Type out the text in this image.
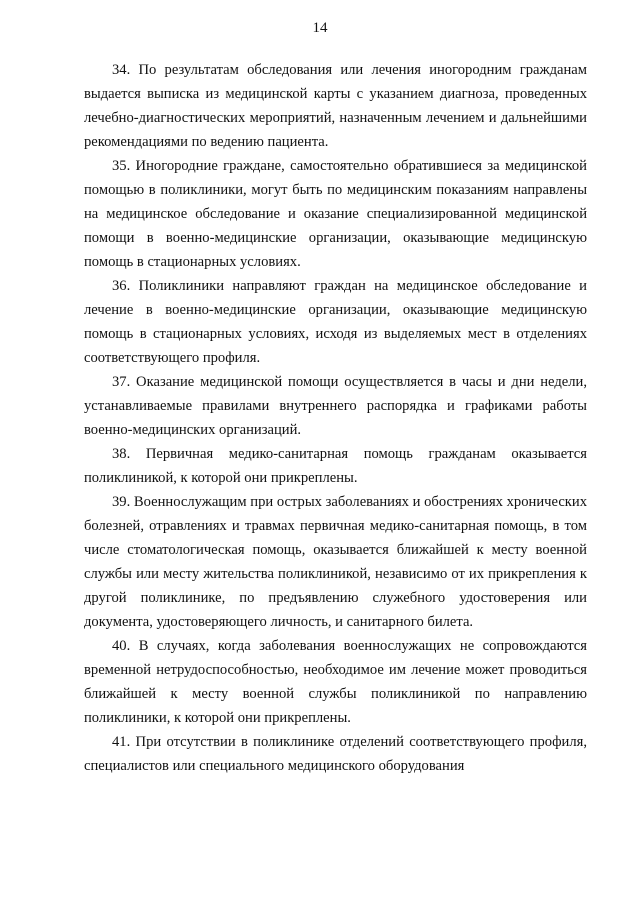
14

34. По результатам обследования или лечения иногородним гражданам выдается выписка из медицинской карты с указанием диагноза, проведенных лечебно-диагностических мероприятий, назначенным лечением и дальнейшими рекомендациями по ведению пациента.

35. Иногородние граждане, самостоятельно обратившиеся за медицинской помощью в поликлиники, могут быть по медицинским показаниям направлены на медицинское обследование и оказание специализированной медицинской помощи в военно-медицинские организации, оказывающие медицинскую помощь в стационарных условиях.

36. Поликлиники направляют граждан на медицинское обследование и лечение в военно-медицинские организации, оказывающие медицинскую помощь в стационарных условиях, исходя из выделяемых мест в отделениях соответствующего профиля.

37. Оказание медицинской помощи осуществляется в часы и дни недели, устанавливаемые правилами внутреннего распорядка и графиками работы военно-медицинских организаций.

38. Первичная медико-санитарная помощь гражданам оказывается поликлиникой, к которой они прикреплены.

39. Военнослужащим при острых заболеваниях и обострениях хронических болезней, отравлениях и травмах первичная медико-санитарная помощь, в том числе стоматологическая помощь, оказывается ближайшей к месту военной службы или месту жительства поликлиникой, независимо от их прикрепления к другой поликлинике, по предъявлению служебного удостоверения или документа, удостоверяющего личность, и санитарного билета.

40. В случаях, когда заболевания военнослужащих не сопровождаются временной нетрудоспособностью, необходимое им лечение может проводиться ближайшей к месту военной службы поликлиникой по направлению поликлиники, к которой они прикреплены.

41. При отсутствии в поликлинике отделений соответствующего профиля, специалистов или специального медицинского оборудования
